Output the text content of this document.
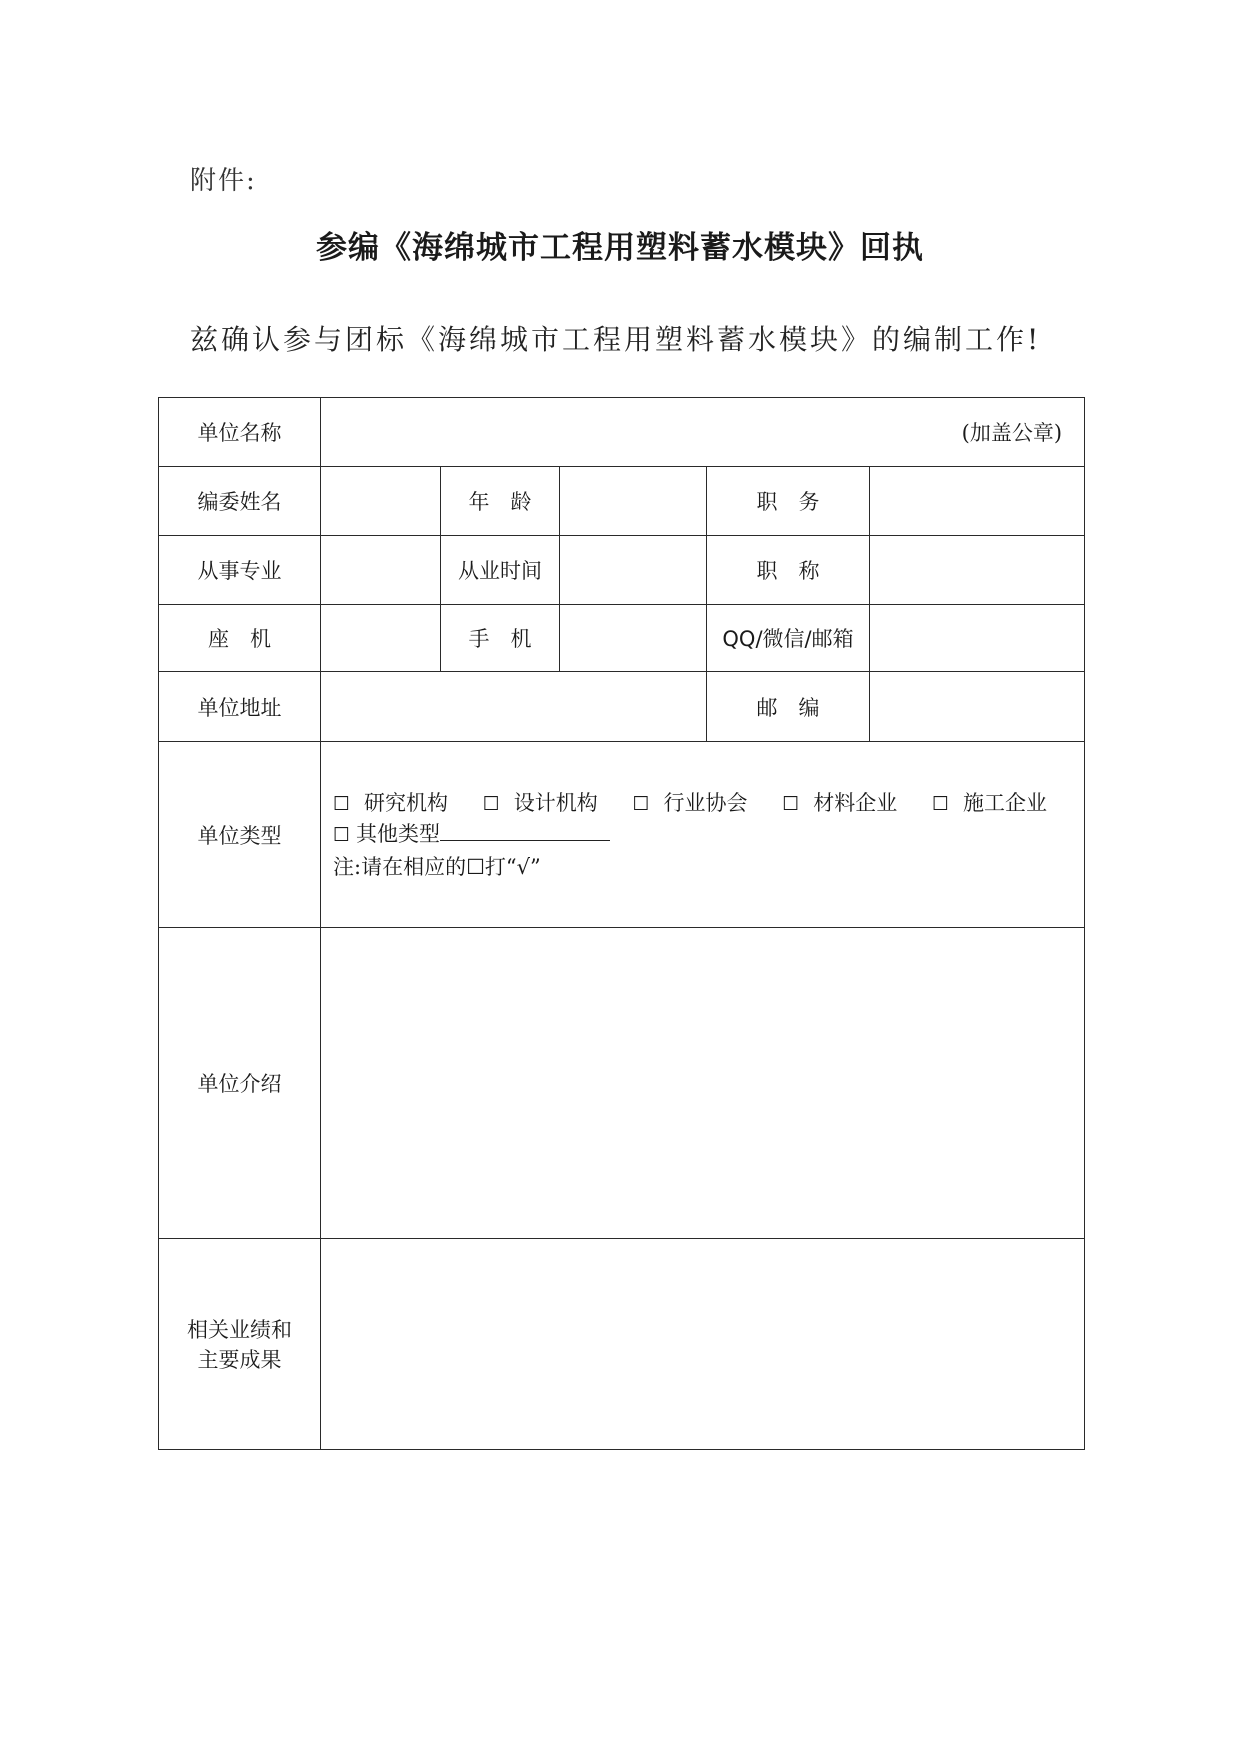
附件:
参编《海绵城市工程用塑料蓄水模块》回执
兹确认参与团标《海绵城市工程用塑料蓄水模块》的编制工作!
单位名称	(加盖公章)				
编委姓名		年　龄		职　务	
从事专业		从业时间		职　称	
座　机		手　机		QQ/微信/邮箱	
单位地址				邮　编	
单位类型	☐ 研究机构 ☐ 设计机构 ☐ 行业协会 ☐ 材料企业 ☐ 施工企业
☐ 其他类型
注:请在相应的☐打“√”				

单位介绍					

相关业绩和
主要成果					
